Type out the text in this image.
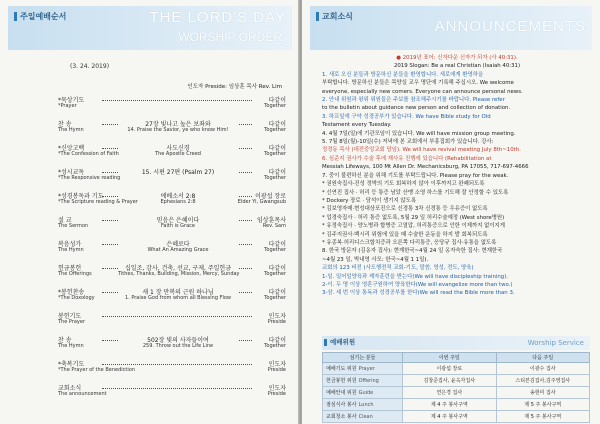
주일예배순서	THE LORD'S DAY
WORSHIP ORDER
(3. 24. 2019)
인도자 Preside: 임상훈 목사 Rev. Lim
*묵상기도	다같이
*Prayer	Together
찬 송	27장 빛나고 높은 보좌와	다같이
The Hymn	14. Praise the Savior, ye who know Him!	Together
*신앙고백	사도신경	다같이
*The Confession of Faith	The Apostle Creed	Together
*성시교독	15. 시편 27편 (Psalm 27)	다같이
*The Responsive reading	Together
*성경봉독과 기도	에베소서 2:8	이광섭 장로
*The Scripture reading & Prayer	Ephesians 2:8	Elder Yi, Gwangsub
설 교	믿음은 은혜이다	임상훈목사
The Sermon	Faith is Grace	Rev. Sam
복음성가	은혜로다	다같이
The Hymn	What An Amazing Grace	Together
헌금봉헌	십일조, 감사, 건축, 선교, 구제, 주일헌금	다같이
The Offerings	Tithes, Thanks, Building, Mission, Mercy, Sunday	Together
*봉헌찬송	새 1 장 만복의 근원 하나님	다같이
*The Doxology	1. Praise God from whom all Blessing Flow	Together
봉헌기도	인도자
The Prayer	Preside
찬 송	502장 빛의 사자들이여	다같이
The Hymn	259. Throw out the Life Line	Together
*축복기도	인도자
*The Prayer of the Benediction	Preside
교회소식	인도자
The announcement	Preside
교회소식
ANNOUNCEMENTS
● 2019년 표어: 신자다운 신자가 되자 (사 40:31).
2019 Slogan: Be a real Christian (Isaiah 40:31)
1. 새로 오신 분들과 방문하신 분들을 환영합니다. 새로에게 환영하을
부탁합니다. 방문하신 분들은 목양실 교우 명단에 기록해 주십시오. We welcome
everyone, especially new comers. Everyone can announce personal news.
2. 안내 위원과 왕위 위원들은 주보를 참조해주시기를 바랍니다. Please refer
to the bulletin about guidance new person and collection of donation.
3. 하프잎에 구약 성경공부가 있습니다. We have Bible study for Old
Testament every Tuesday.
4. 4월 7일(일)에 기관모임이 있습니다. We will have mission group meeting.
5. 7월 8일(월)-10일(수) 저녁에 본 교회에서 부흥집회가 있습니다. 강사:
정경동 목사 (대전중앙교회 담임). We will have revival meeting July 8th~10th.
6. 심준지 권사가 수술 후에 재사유 진행에 있습니다 (Rehabilitation at
Messiah Lifeways, 100 Mt Allen Dr. Mechanicsburg, PA 17055, 717-697-4666
7. 중이 불편하신 분을 위해 기도를 부탁드립니다. Please pray for the weak.
* 권원숙집사-진성 정박의 기도 회복하지 않아 이후까지고 완쾌되도록
* 신연진 집사 · 허리 등 통증 남았 산맹 소영 하스를 기도해 잘 안정할 수 있도록
* Dockery 장로 · 담석이 생기지 않도록
* 김보영자매·현성대상포진으로 신경통 3차 신경통 등 우유증이 없도록
* 업경숙집사 · 허리 통증 없도록, 5월 29 일 허리수술예정 (West shore병원)
* 유정숙집사 · 양노병과 합병증 고열압, 허리통증으로 인한 이제까지 없이지게
* 김주지권사·백시리 위험에 있을 때 수술한 운동을 하지 발 회복되도록
* 유종복·허리디스크합치증과 오른쪽 다리통증, 응당규 집사·유통을 없도록
8. 한국 방문자 (김옹자 집사): 현재한국~4월 24 일 옹자숙한 집사: 현재한국
~4월 23 일, 박내영 사모: 한국~4월 1 1일).
교회의 123 비전 (사도행전적 교회-기도, 말씀, 영성, 전도, 양육)
1-일. 일어일양육과 제자훈련을 받는다(We will have discipleship training).
2-이. 두 명 이상 영혼구원하여 양육한다(We will evangelize more than two.)
3-삼. 세 번 이상 통독과 성경공부를 한다(We will read the Bible more than 3.
예배위원	Worship Service
섬기는 분들	이번 주일	다음 주일
예배기도 위원 Prayer	이광섭 장로	이광수 집사
헌금봉헌 위원 Offering	김창준집사, 윤옥자집사	스티븐김집사,김주영집사
예배안내 위원 Guide	연은경 집사	송현미 집사
점심식사 봉사 Lunch	제 4 주 봉사구역	제 5 주 봉사구역
교회청소 봉사 Clean	제 4 주 봉사구역	제 5 주 봉사구역
